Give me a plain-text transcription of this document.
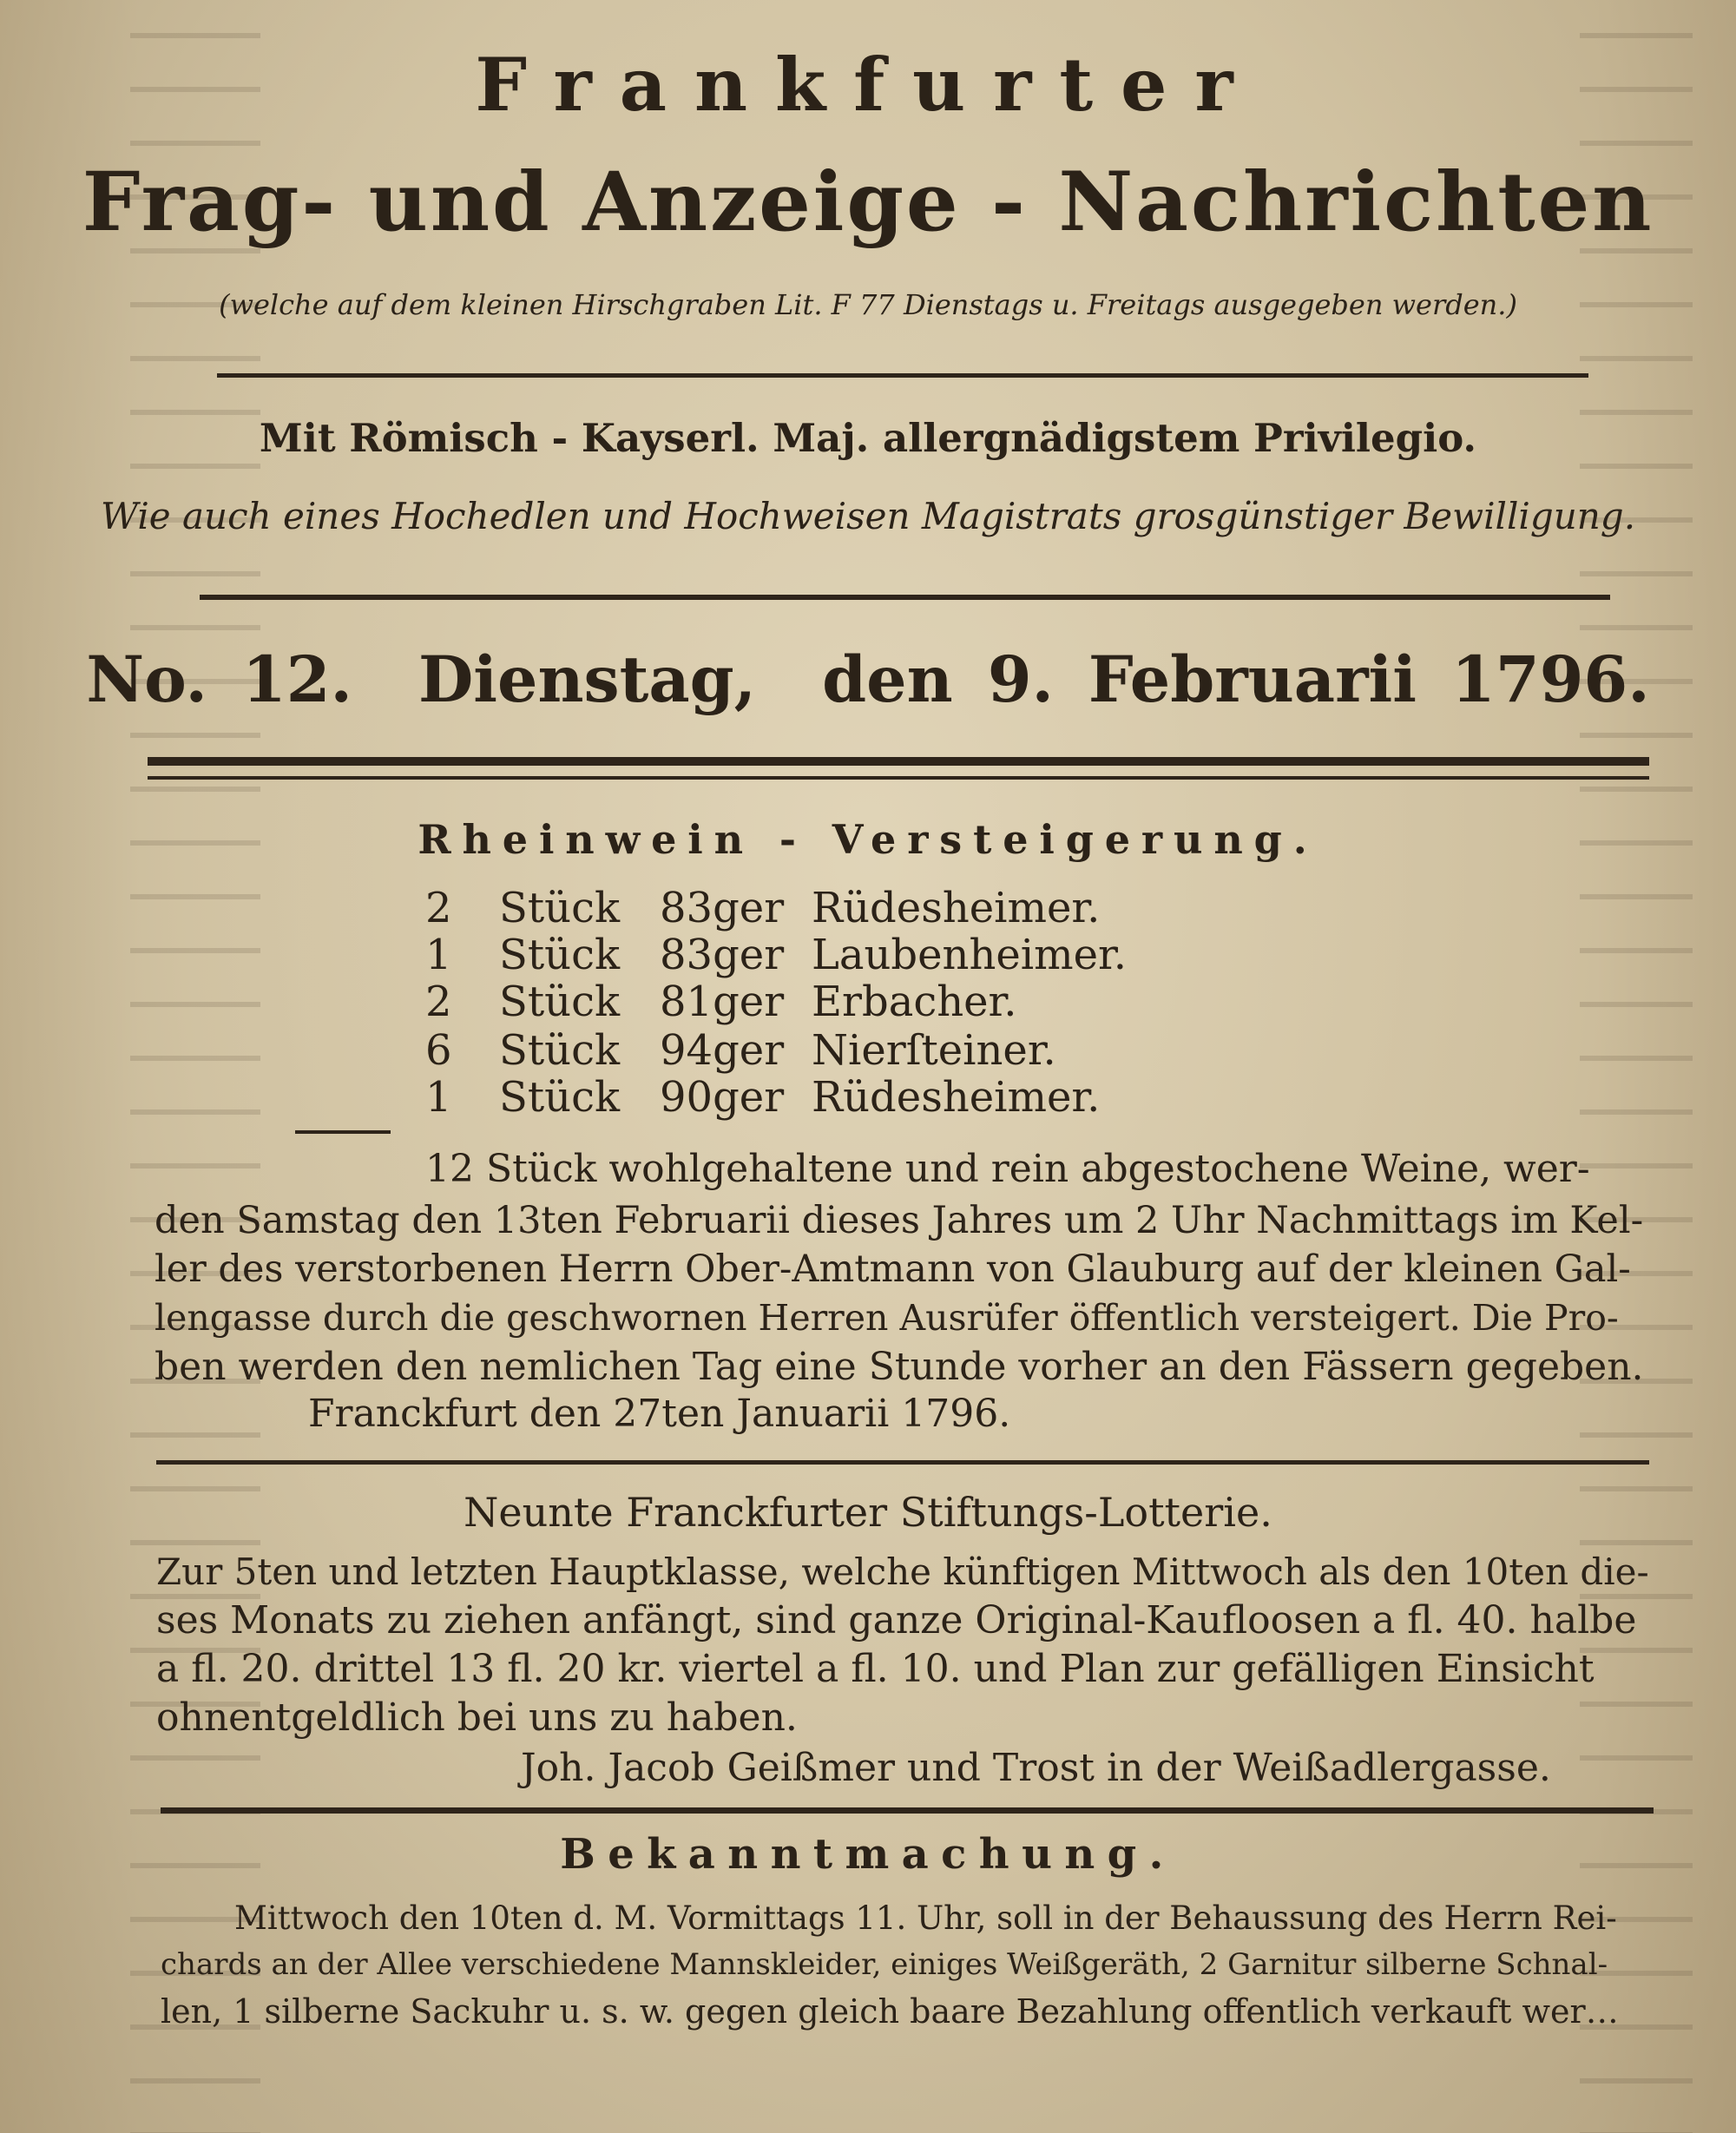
Frankfurter
Frag- und Anzeige - Nachrichten
(welche auf dem kleinen Hirschgraben Lit. F 77 Dienstags u. Freitags ausgegeben werden.)
Mit Römisch - Kayserl. Maj. allergnädigstem Privilegio.
Wie auch eines Hochedlen und Hochweisen Magistrats grosgünstiger Bewilligung.
No. 12. Dienstag, den 9. Februarii 1796.
Rheinwein - Versteigerung.
2 Stück 83ger Rüdesheimer.
1 Stück 83ger Laubenheimer.
2 Stück 81ger Erbacher.
6 Stück 94ger Nierſteiner.
1 Stück 90ger Rüdesheimer.
12 Stück wohlgehaltene und rein abgestochene Weine, wer-
den Samstag den 13ten Februarii dieses Jahres um 2 Uhr Nachmittags im Kel-
ler des verstorbenen Herrn Ober-Amtmann von Glauburg auf der kleinen Gal-
lengasse durch die geschwornen Herren Ausrüfer öffentlich versteigert. Die Pro-
ben werden den nemlichen Tag eine Stunde vorher an den Fässern gegeben.
Franckfurt den 27ten Januarii 1796.
Neunte Franckfurter Stiftungs-Lotterie.
Zur 5ten und letzten Hauptklasse, welche künftigen Mittwoch als den 10ten die-
ses Monats zu ziehen anfängt, sind ganze Original-Kaufloosen a fl. 40. halbe
a fl. 20. drittel 13 fl. 20 kr. viertel a fl. 10. und Plan zur gefälligen Einsicht
ohnentgeldlich bei uns zu haben.
Joh. Jacob Geißmer und Trost in der Weißadlergasse.
Bekanntmachung.
Mittwoch den 10ten d. M. Vormittags 11. Uhr, soll in der Behaussung des Herrn Rei-
chards an der Allee verschiedene Mannskleider, einiges Weißgeräth, 2 Garnitur silberne Schnal-
len, 1 silberne Sackuhr u. s. w. gegen gleich baare Bezahlung offentlich verkauft wer…
